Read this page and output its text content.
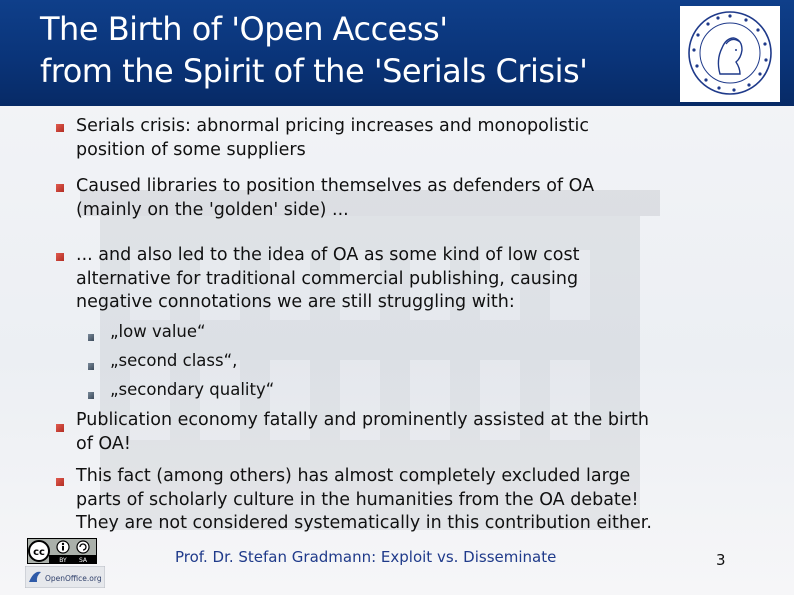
The Birth of 'Open Access'
from the Spirit of the 'Serials Crisis'
Serials crisis: abnormal pricing increases and monopolistic
position of some suppliers
Caused libraries to position themselves as defenders of OA
(mainly on the 'golden' side) ...
... and also led to the idea of OA as some kind of low cost
alternative for traditional commercial publishing, causing
negative connotations we are still struggling with:
„low value“
„second class“,
„secondary quality“
Publication economy fatally and prominently assisted at the birth
of OA!
This fact (among others) has almost completely excluded large
parts of scholarly culture in the humanities from the OA debate!
They are not considered systematically in this contribution either.
cc
BY SA
OpenOffice.org
Prof. Dr. Stefan Gradmann: Exploit vs. Disseminate	3
